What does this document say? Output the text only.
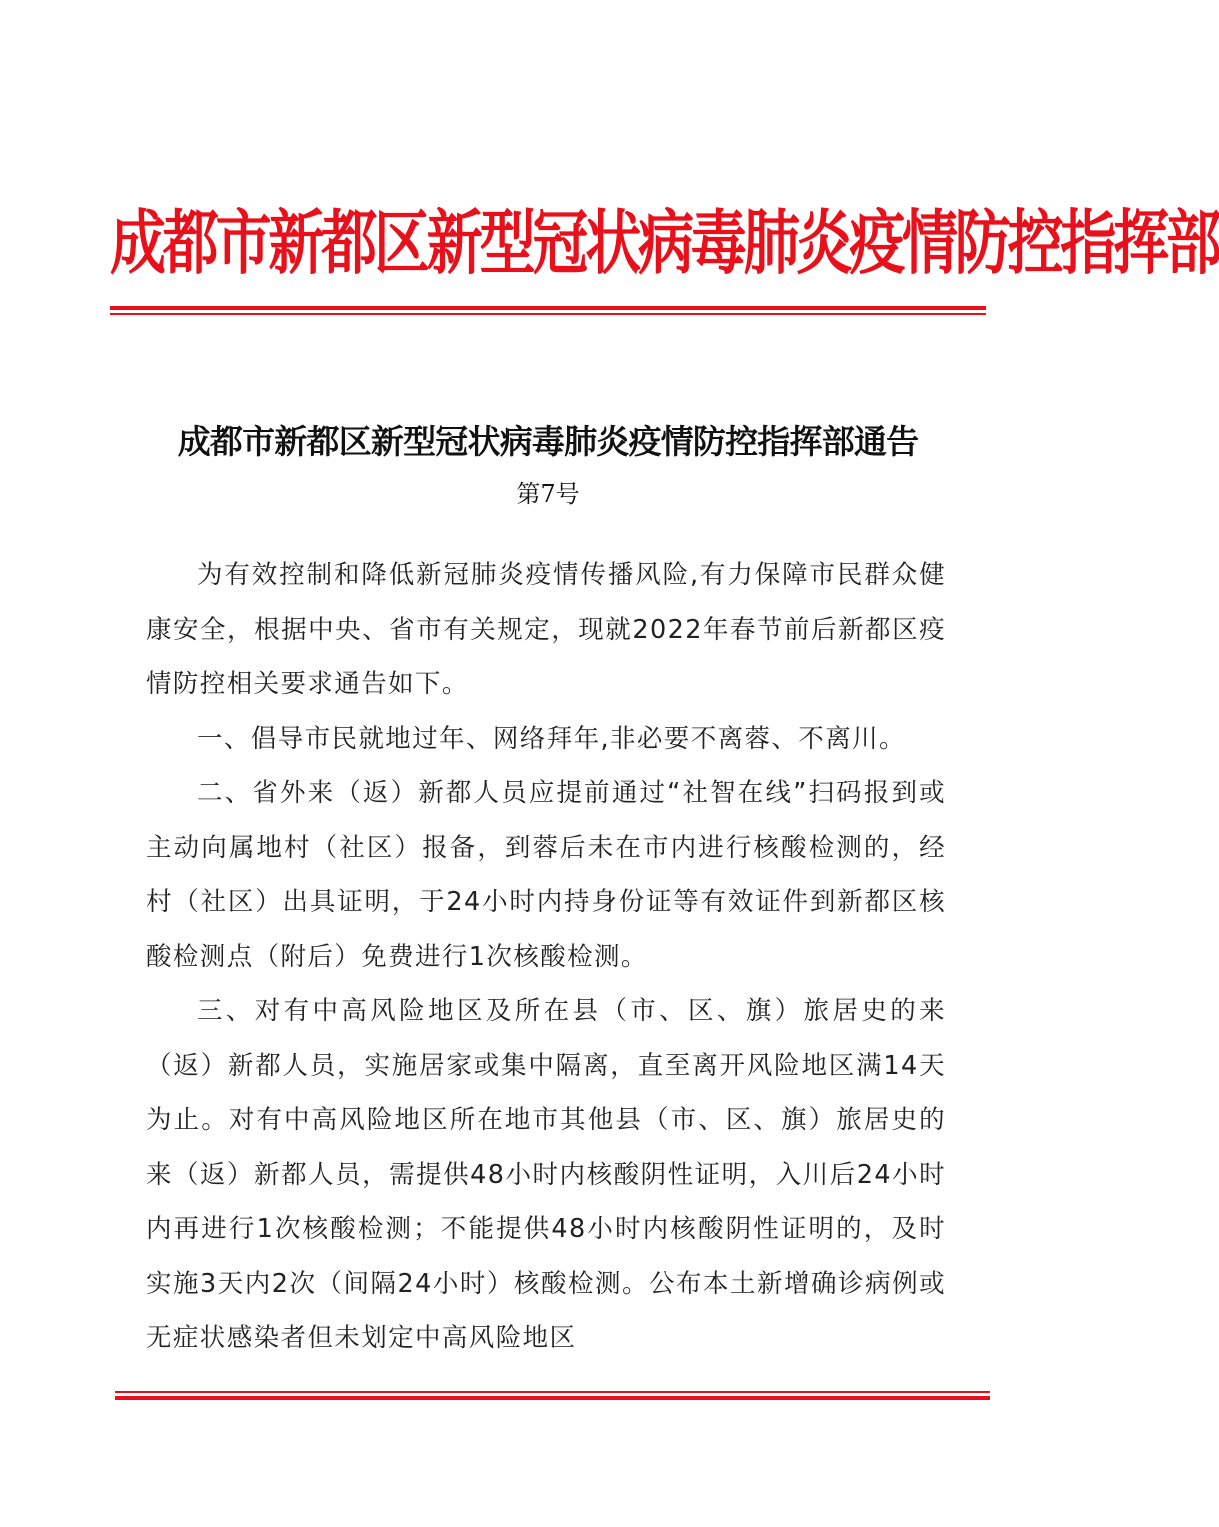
成都市新都区新型冠状病毒肺炎疫情防控指挥部
成都市新都区新型冠状病毒肺炎疫情防控指挥部通告
第7号

为有效控制和降低新冠肺炎疫情传播风险,有力保障市民群众健康安全，根据中央、省市有关规定，现就2022年春节前后新都区疫情防控相关要求通告如下。

一、倡导市民就地过年、网络拜年,非必要不离蓉、不离川。

二、省外来（返）新都人员应提前通过“社智在线”扫码报到或主动向属地村（社区）报备，到蓉后未在市内进行核酸检测的，经村（社区）出具证明，于24小时内持身份证等有效证件到新都区核酸检测点（附后）免费进行1次核酸检测。

三、对有中高风险地区及所在县（市、区、旗）旅居史的来（返）新都人员，实施居家或集中隔离，直至离开风险地区满14天为止。对有中高风险地区所在地市其他县（市、区、旗）旅居史的来（返）新都人员，需提供48小时内核酸阴性证明，入川后24小时内再进行1次核酸检测；不能提供48小时内核酸阴性证明的，及时实施3天内2次（间隔24小时）核酸检测。公布本土新增确诊病例或无症状感染者但未划定中高风险地区
